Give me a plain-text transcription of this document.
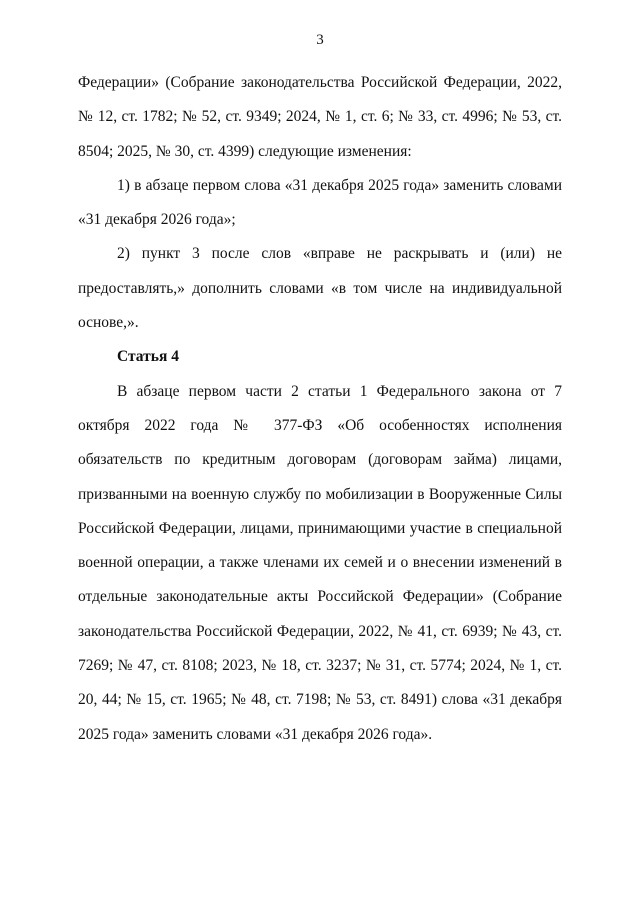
3

Федерации» (Собрание законодательства Российской Федерации, 2022, № 12, ст. 1782; № 52, ст. 9349; 2024, № 1, ст. 6; № 33, ст. 4996; № 53, ст. 8504; 2025, № 30, ст. 4399) следующие изменения:

1) в абзаце первом слова «31 декабря 2025 года» заменить словами «31 декабря 2026 года»;

2) пункт 3 после слов «вправе не раскрывать и (или) не предоставлять,» дополнить словами «в том числе на индивидуальной основе,».

Статья 4

В абзаце первом части 2 статьи 1 Федерального закона от 7 октября 2022 года № 377-ФЗ «Об особенностях исполнения обязательств по кредитным договорам (договорам займа) лицами, призванными на военную службу по мобилизации в Вооруженные Силы Российской Федерации, лицами, принимающими участие в специальной военной операции, а также членами их семей и о внесении изменений в отдельные законодательные акты Российской Федерации» (Собрание законодательства Российской Федерации, 2022, № 41, ст. 6939; № 43, ст. 7269; № 47, ст. 8108; 2023, № 18, ст. 3237; № 31, ст. 5774; 2024, № 1, ст. 20, 44; № 15, ст. 1965; № 48, ст. 7198; № 53, ст. 8491) слова «31 декабря 2025 года» заменить словами «31 декабря 2026 года».
